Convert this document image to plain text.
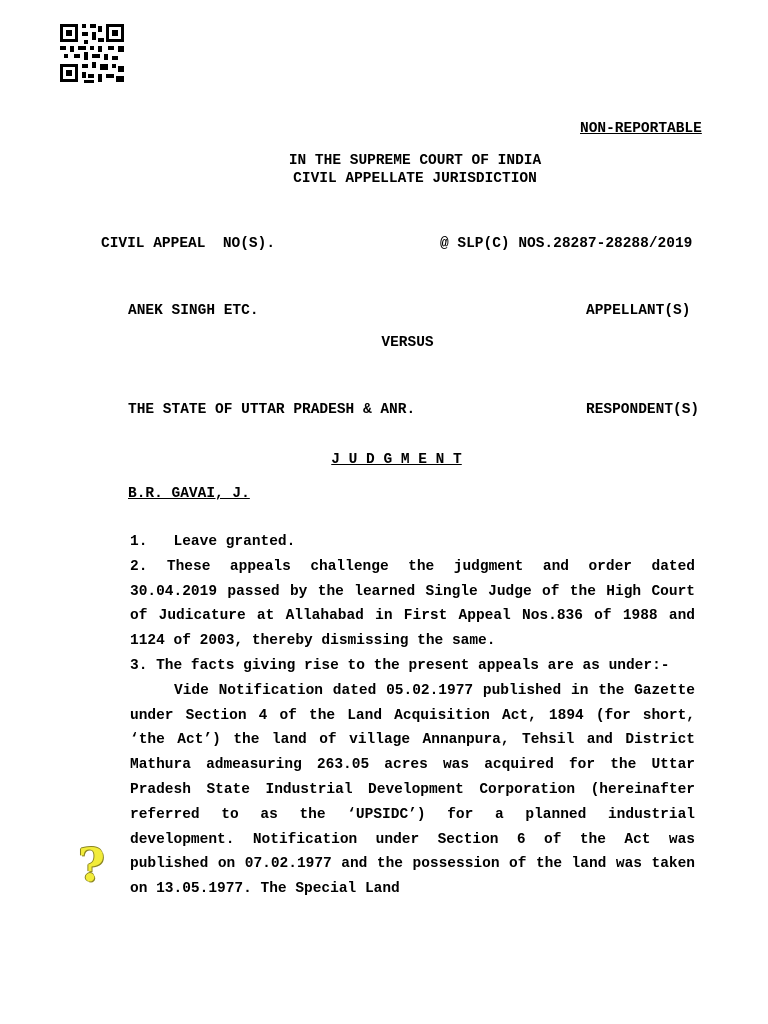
NON-REPORTABLE
IN THE SUPREME COURT OF INDIA
CIVIL APPELLATE JURISDICTION
CIVIL APPEAL  NO(S).	@ SLP(C) NOS.28287-28288/2019
ANEK SINGH ETC.	APPELLANT(S)
VERSUS
THE STATE OF UTTAR PRADESH & ANR.	RESPONDENT(S)
J U D G M E N T
B.R. GAVAI, J.

1.   Leave granted.

2. These appeals challenge the judgment and order dated 30.04.2019 passed by the learned Single Judge of the High Court of Judicature at Allahabad in First Appeal Nos.836 of 1988 and 1124 of 2003, thereby dismissing the same.

3. The facts giving rise to the present appeals are as under:-

Vide Notification dated 05.02.1977 published in the Gazette under Section 4 of the Land Acquisition Act, 1894 (for short, ‘the Act’) the land of village Annanpura, Tehsil and District Mathura admeasuring 263.05 acres was acquired for the Uttar Pradesh State Industrial Development Corporation (hereinafter referred to as the ‘UPSIDC’) for a planned industrial development. Notification under Section 6 of the Act was published on 07.02.1977 and the possession of the land was taken on 13.05.1977. The Special Land

?
